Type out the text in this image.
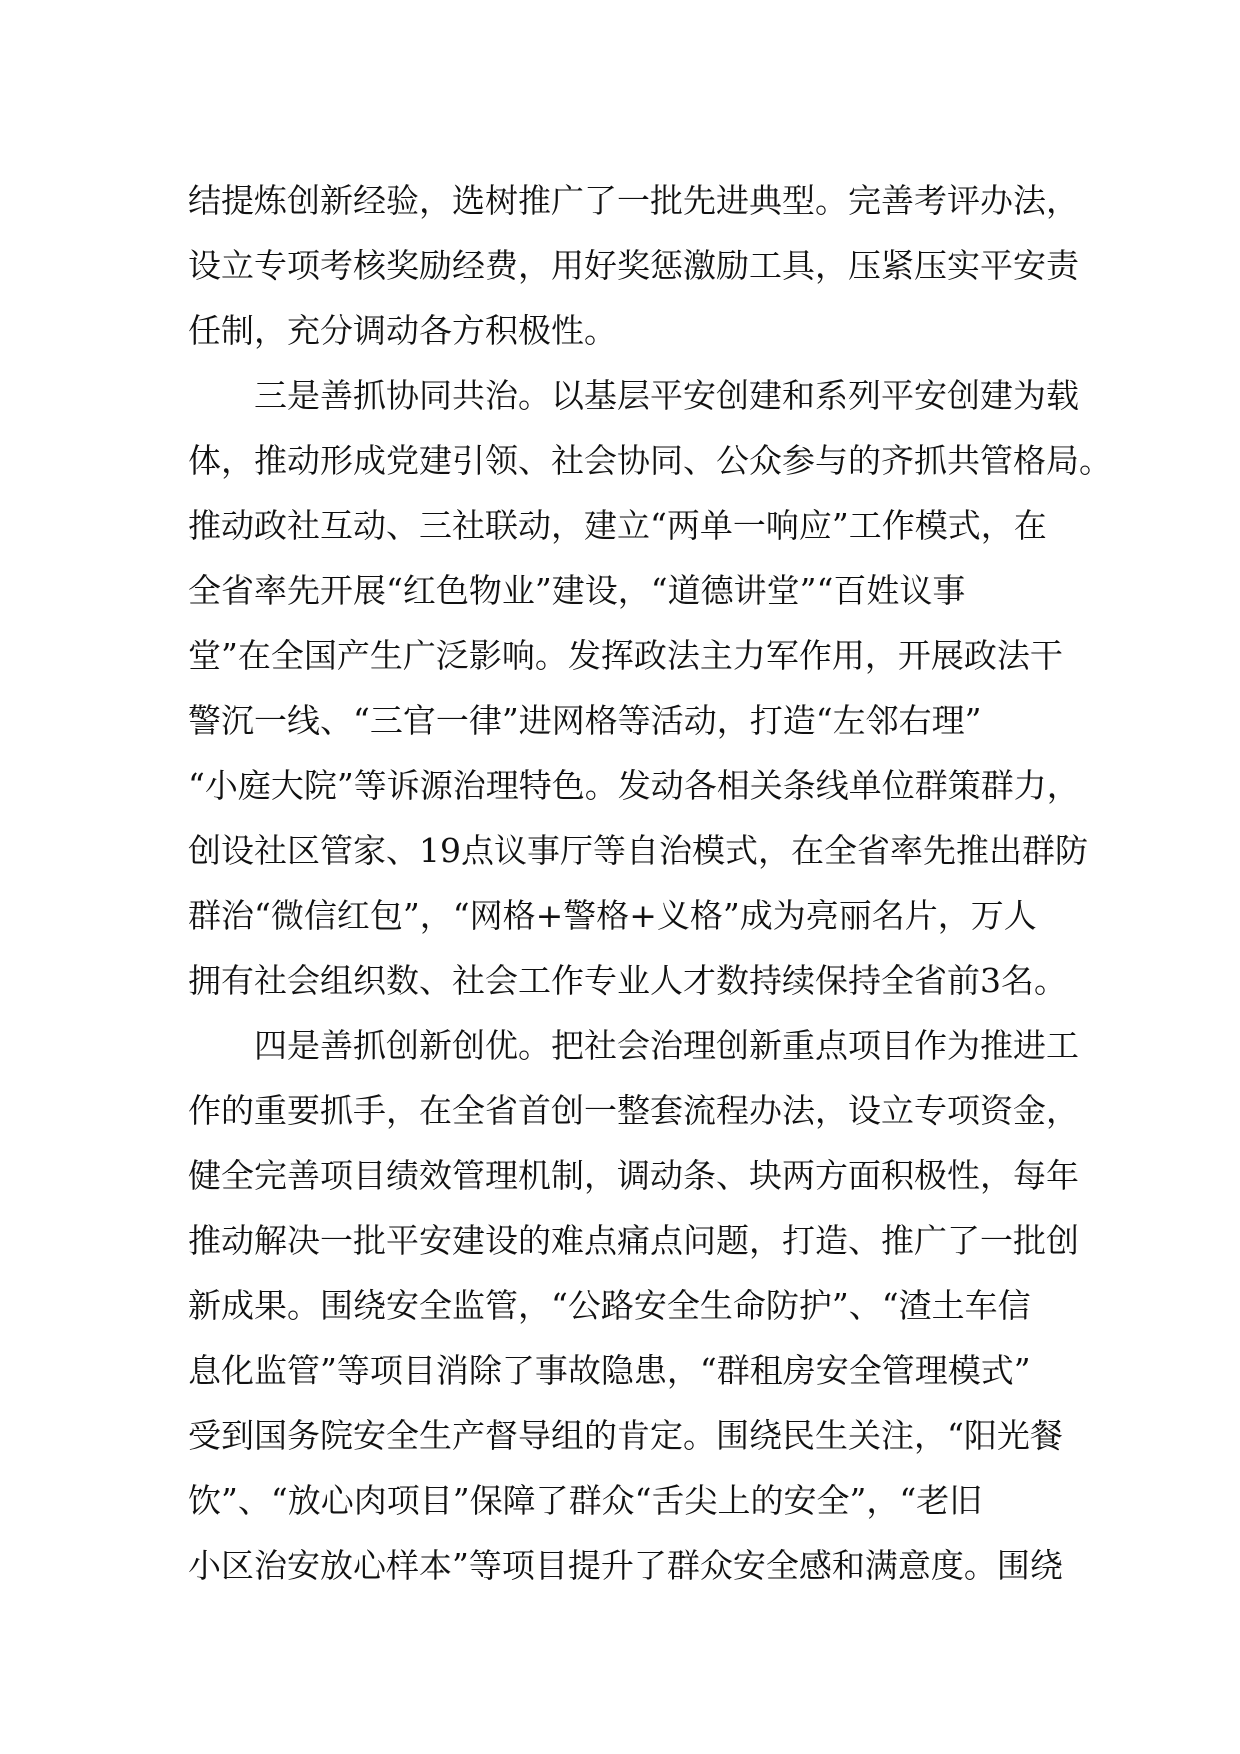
结提炼创新经验，选树推广了一批先进典型。完善考评办法，
设立专项考核奖励经费，用好奖惩激励工具，压紧压实平安责
任制，充分调动各方积极性。
三是善抓协同共治。以基层平安创建和系列平安创建为载
体，推动形成党建引领、社会协同、公众参与的齐抓共管格局。
推动政社互动、三社联动，建立“两单一响应”工作模式，在
全省率先开展“红色物业”建设，“道德讲堂”“百姓议事
堂”在全国产生广泛影响。发挥政法主力军作用，开展政法干
警沉一线、“三官一律”进网格等活动，打造“左邻右理”
“小庭大院”等诉源治理特色。发动各相关条线单位群策群力，
创设社区管家、19点议事厅等自治模式，在全省率先推出群防
群治“微信红包”，“网格+警格+义格”成为亮丽名片，万人
拥有社会组织数、社会工作专业人才数持续保持全省前3名。
四是善抓创新创优。把社会治理创新重点项目作为推进工
作的重要抓手，在全省首创一整套流程办法，设立专项资金，
健全完善项目绩效管理机制，调动条、块两方面积极性，每年
推动解决一批平安建设的难点痛点问题，打造、推广了一批创
新成果。围绕安全监管，“公路安全生命防护”、“渣土车信
息化监管”等项目消除了事故隐患，“群租房安全管理模式”
受到国务院安全生产督导组的肯定。围绕民生关注，“阳光餐
饮”、“放心肉项目”保障了群众“舌尖上的安全”，“老旧
小区治安放心样本”等项目提升了群众安全感和满意度。围绕
